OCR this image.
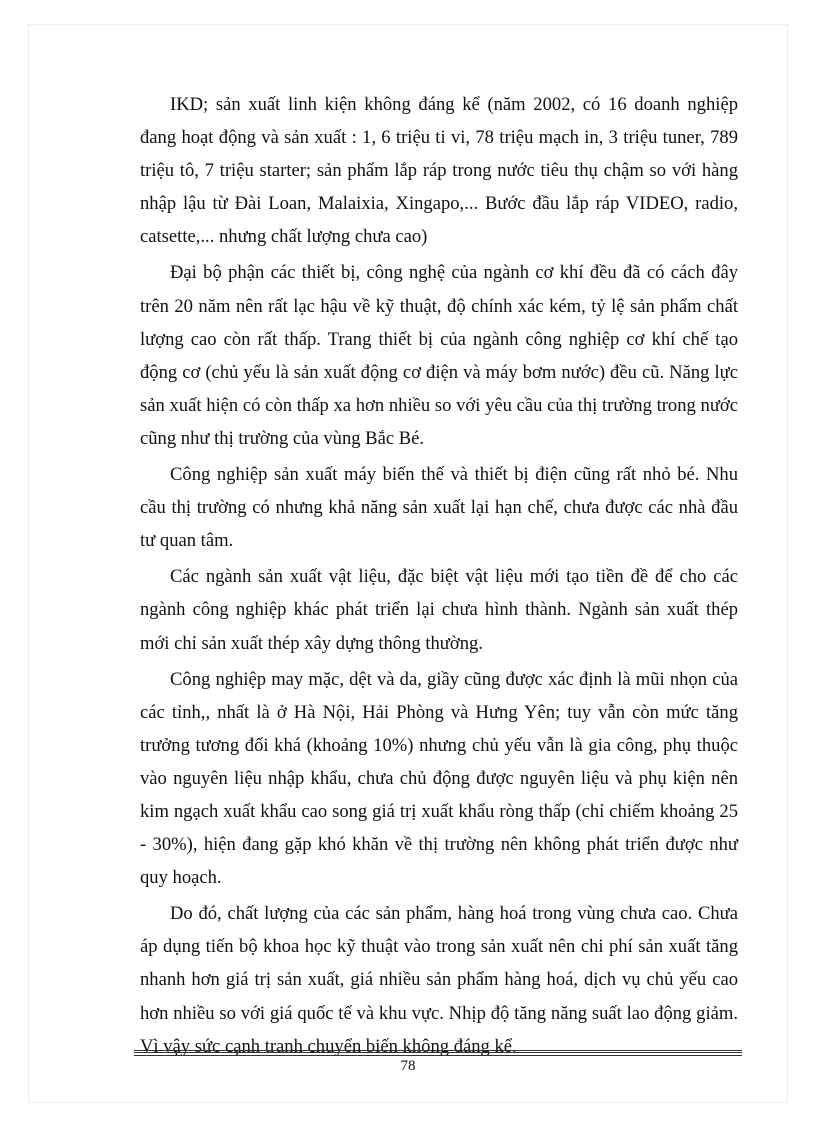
IKD; sản xuất linh kiện không đáng kể (năm 2002, có 16 doanh nghiệp đang hoạt động và sản xuất : 1, 6 triệu ti vi, 78 triệu mạch in, 3 triệu tuner, 789 triệu tô, 7 triệu starter; sản phẩm lắp ráp trong nước tiêu thụ chậm so với hàng nhập lậu từ Đài Loan, Malaixia, Xingapo,... Bước đầu lắp ráp VIDEO, radio, catsette,... nhưng chất lượng chưa cao)

Đại bộ phận các thiết bị, công nghệ của ngành cơ khí đều đã có cách đây trên 20 năm nên rất lạc hậu về kỹ thuật, độ chính xác kém, tỷ lệ sản phẩm chất lượng cao còn rất thấp. Trang thiết bị của ngành công nghiệp cơ khí chế tạo động cơ (chủ yếu là sản xuất động cơ điện và máy bơm nước) đều cũ. Năng lực sản xuất hiện có còn thấp xa hơn nhiều so với yêu cầu của thị trường trong nước cũng như thị trường của vùng Bắc Bé.

Công nghiệp sản xuất máy biến thế và thiết bị điện cũng rất nhỏ bé. Nhu cầu thị trường có nhưng khả năng sản xuất lại hạn chế, chưa được các nhà đầu tư quan tâm.

Các ngành sản xuất vật liệu, đặc biệt vật liệu mới tạo tiền đề để cho các ngành công nghiệp khác phát triển lại chưa hình thành. Ngành sản xuất thép mới chỉ sản xuất thép xây dựng thông thường.

Công nghiệp may mặc, dệt và da, giầy cũng được xác định là mũi nhọn của các tỉnh,, nhất là ở Hà Nội, Hải Phòng và Hưng Yên; tuy vẫn còn mức tăng trưởng tương đối khá (khoảng 10%) nhưng chủ yếu vẫn là gia công, phụ thuộc vào nguyên liệu nhập khẩu, chưa chủ động được nguyên liệu và phụ kiện nên kim ngạch xuất khẩu cao song giá trị xuất khẩu ròng thấp (chỉ chiếm khoảng 25 - 30%), hiện đang gặp khó khăn về thị trường nên không phát triển được như quy hoạch.

Do đó, chất lượng của các sản phẩm, hàng hoá trong vùng chưa cao. Chưa áp dụng tiến bộ khoa học kỹ thuật vào trong sản xuất nên chi phí sản xuất tăng nhanh hơn giá trị sản xuất, giá nhiều sản phẩm hàng hoá, dịch vụ chủ yếu cao hơn nhiều so với giá quốc tế và khu vực. Nhịp độ tăng năng suất lao động giảm. Vì vậy sức cạnh tranh chuyển biến không đáng kể.

78
